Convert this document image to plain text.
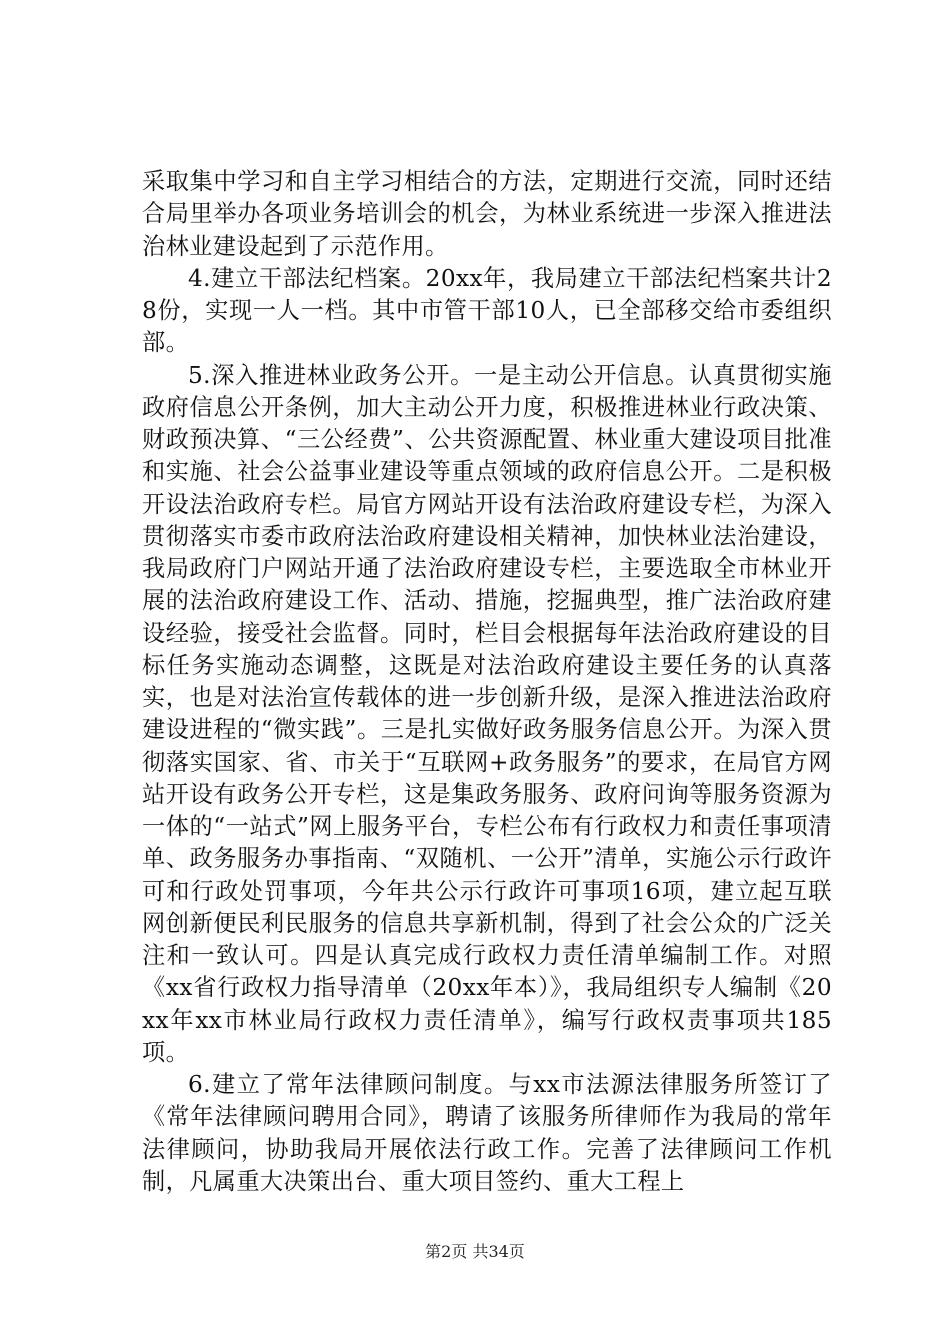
采取集中学习和自主学习相结合的方法，定期进行交流，同时还结合局里举办各项业务培训会的机会，为林业系统进一步深入推进法治林业建设起到了示范作用。

4.建立干部法纪档案。20xx年，我局建立干部法纪档案共计28份，实现一人一档。其中市管干部10人，已全部移交给市委组织部。

5.深入推进林业政务公开。一是主动公开信息。认真贯彻实施政府信息公开条例，加大主动公开力度，积极推进林业行政决策、财政预决算、“三公经费”、公共资源配置、林业重大建设项目批准和实施、社会公益事业建设等重点领域的政府信息公开。二是积极开设法治政府专栏。局官方网站开设有法治政府建设专栏，为深入贯彻落实市委市政府法治政府建设相关精神，加快林业法治建设，我局政府门户网站开通了法治政府建设专栏，主要选取全市林业开展的法治政府建设工作、活动、措施，挖掘典型，推广法治政府建设经验，接受社会监督。同时，栏目会根据每年法治政府建设的目标任务实施动态调整，这既是对法治政府建设主要任务的认真落实，也是对法治宣传载体的进一步创新升级，是深入推进法治政府建设进程的“微实践”。三是扎实做好政务服务信息公开。为深入贯彻落实国家、省、市关于“互联网+政务服务”的要求，在局官方网站开设有政务公开专栏，这是集政务服务、政府问询等服务资源为一体的“一站式”网上服务平台，专栏公布有行政权力和责任事项清单、政务服务办事指南、“双随机、一公开”清单，实施公示行政许可和行政处罚事项，今年共公示行政许可事项16项，建立起互联网创新便民利民服务的信息共享新机制，得到了社会公众的广泛关注和一致认可。四是认真完成行政权力责任清单编制工作。对照《xx省行政权力指导清单（20xx年本）》，我局组织专人编制《20xx年xx市林业局行政权力责任清单》，编写行政权责事项共185项。

6.建立了常年法律顾问制度。与xx市法源法律服务所签订了《常年法律顾问聘用合同》，聘请了该服务所律师作为我局的常年法律顾问，协助我局开展依法行政工作。完善了法律顾问工作机制，凡属重大决策出台、重大项目签约、重大工程上

第2页 共34页
